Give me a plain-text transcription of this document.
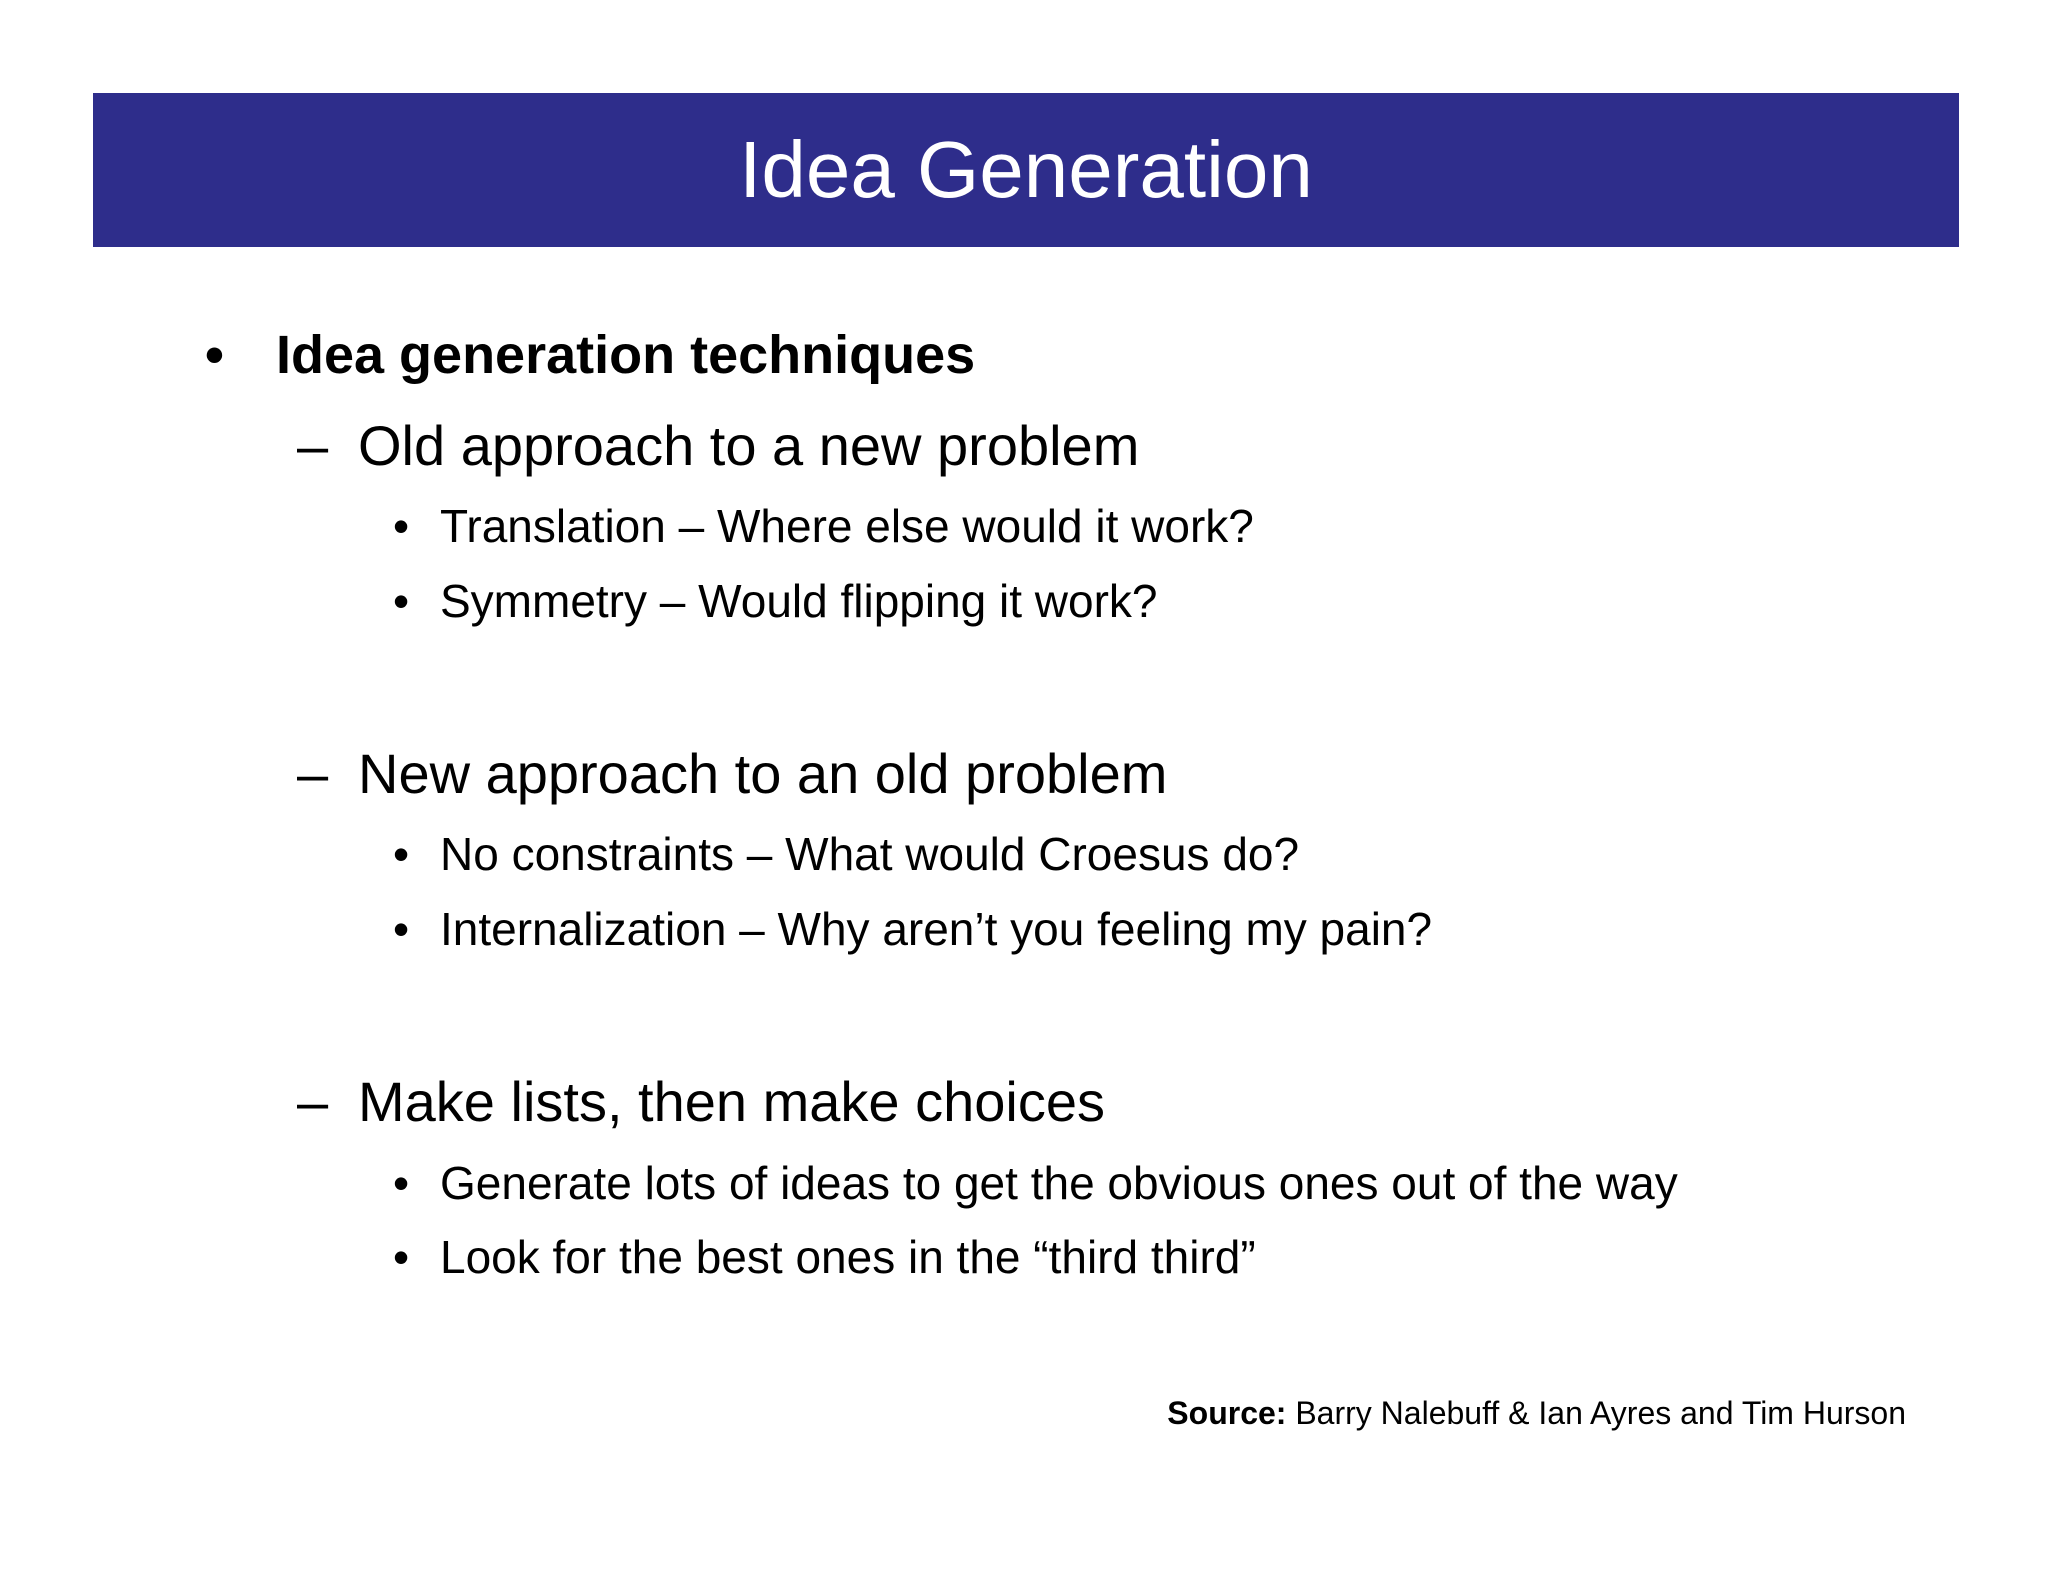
Idea Generation
• Idea generation techniques
– Old approach to a new problem
• Translation – Where else would it work?
• Symmetry – Would flipping it work?
– New approach to an old problem
• No constraints – What would Croesus do?
• Internalization – Why aren’t you feeling my pain?
– Make lists, then make choices
• Generate lots of ideas to get the obvious ones out of the way
• Look for the best ones in the “third third”
Source: Barry Nalebuff & Ian Ayres and Tim Hurson
